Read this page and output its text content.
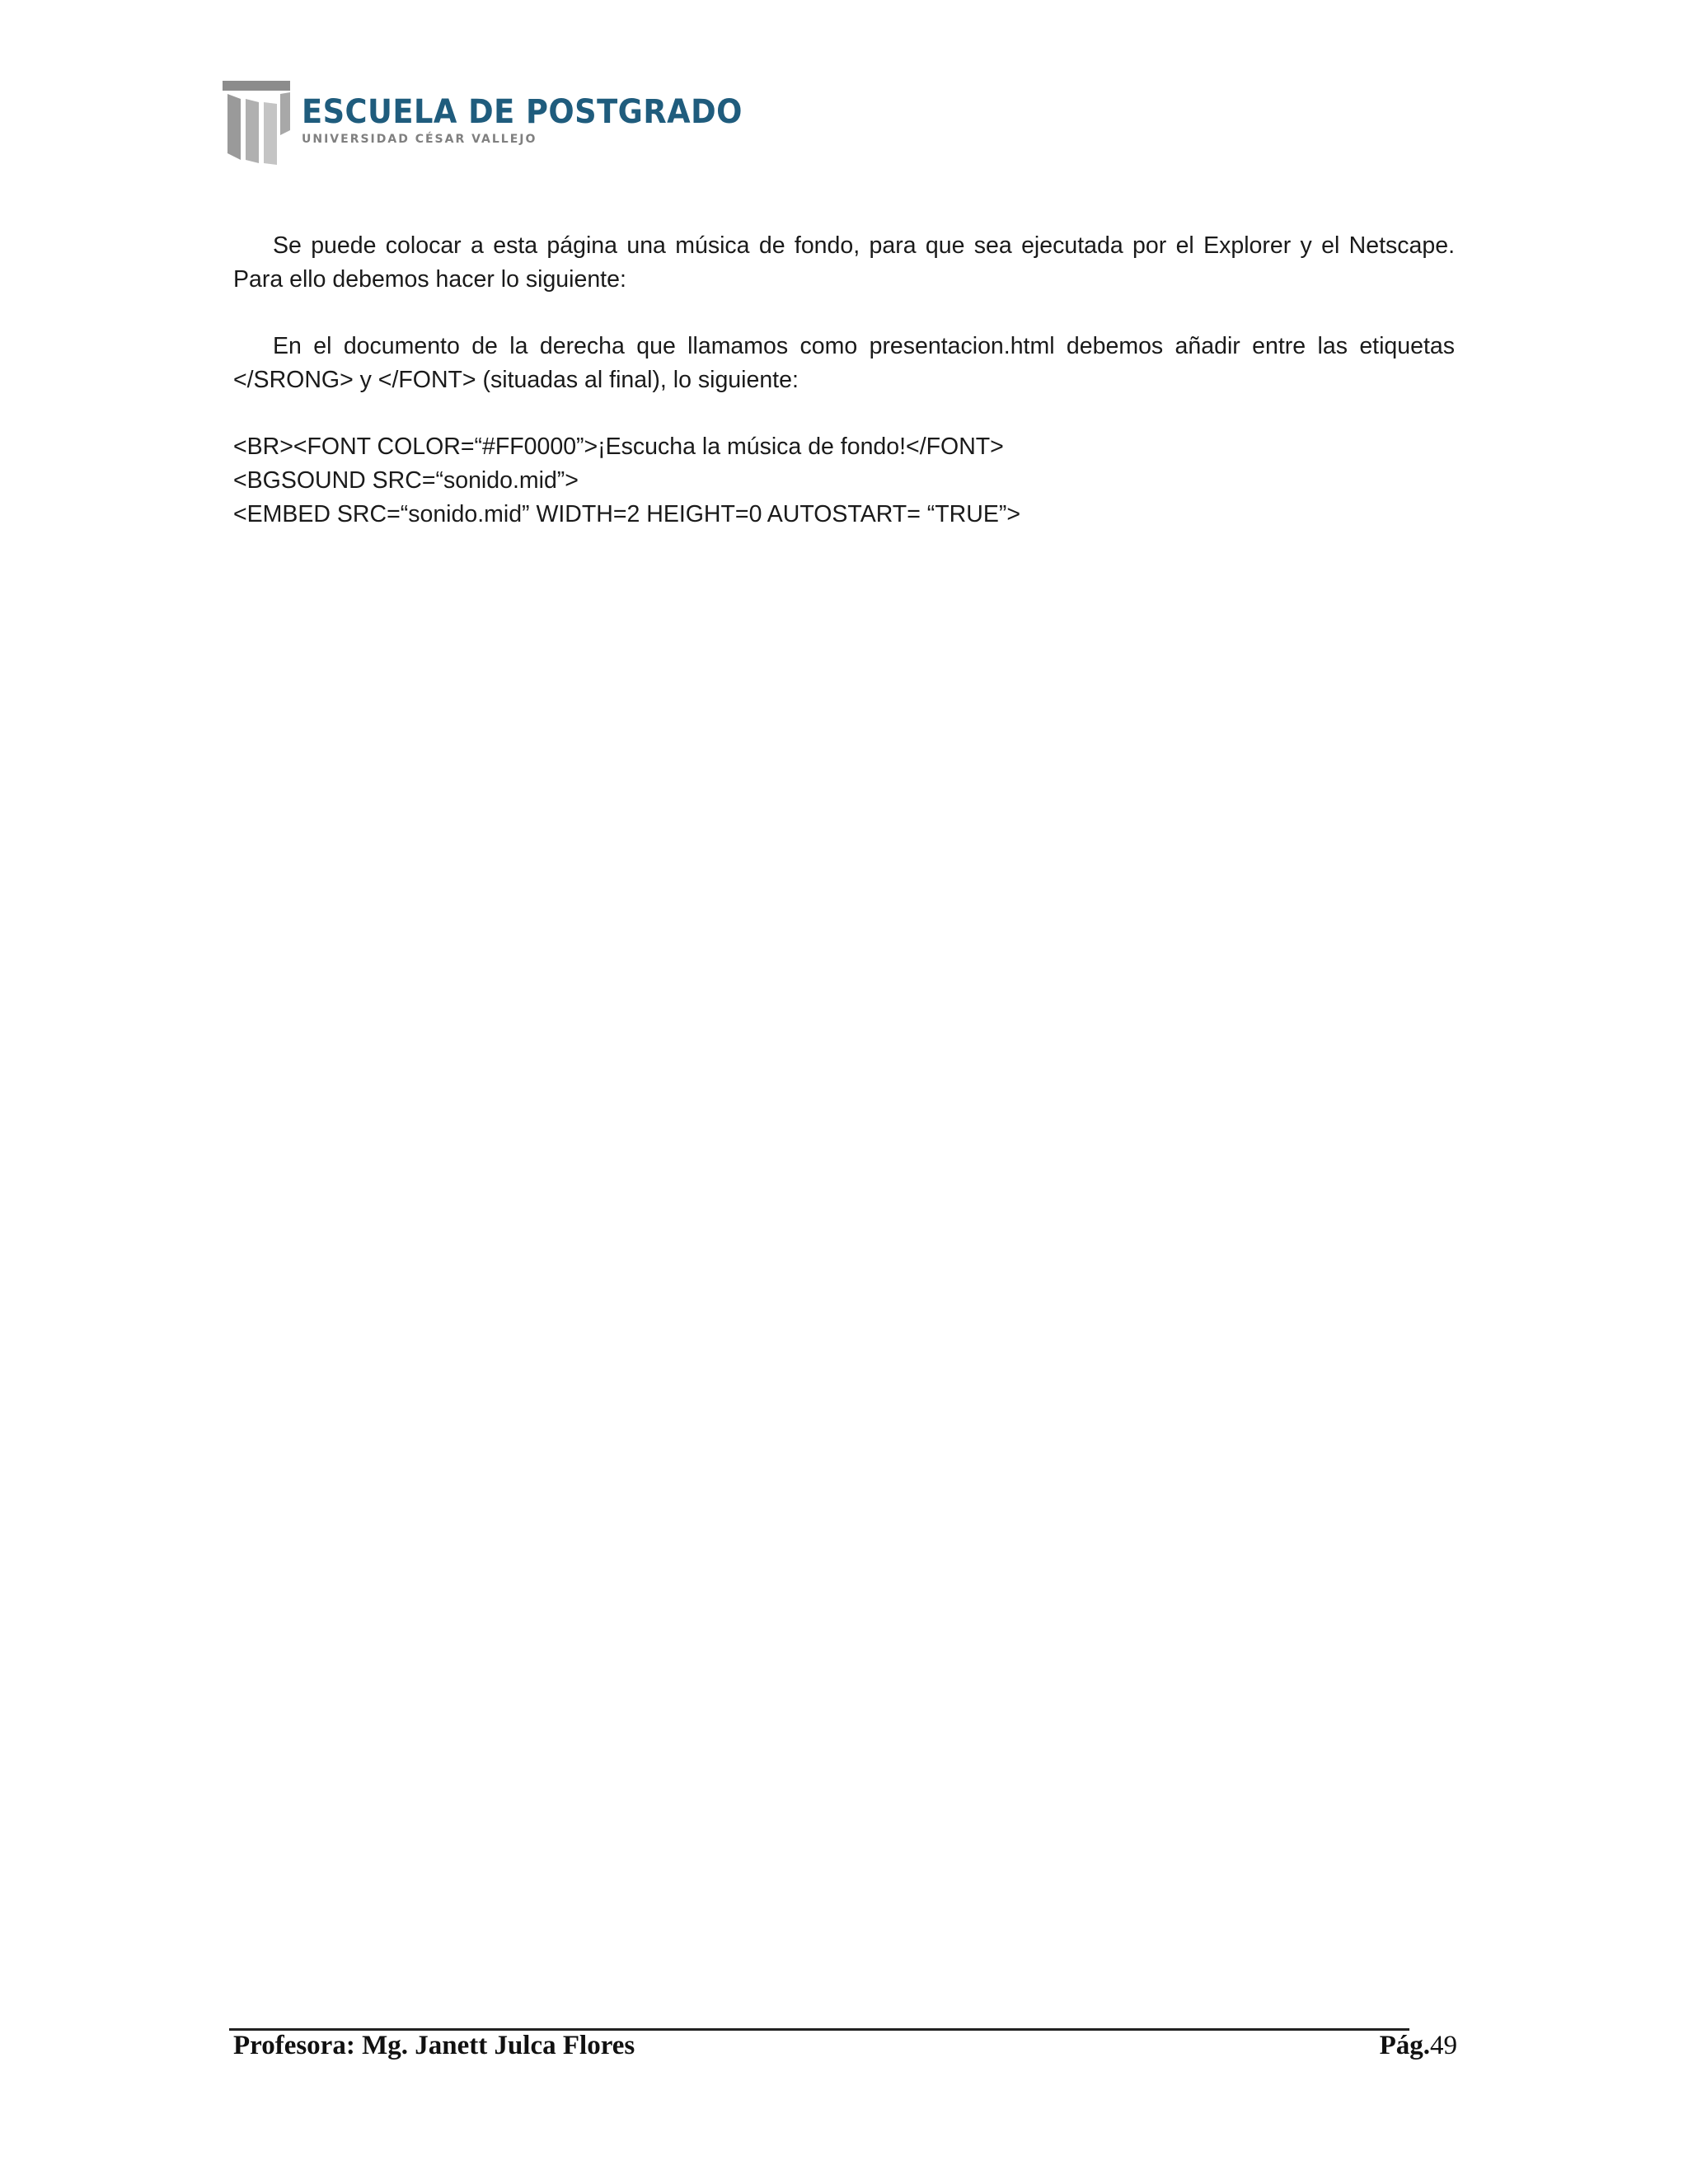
ESCUELA DE POSTGRADO
UNIVERSIDAD CÉSAR VALLEJO

Se puede colocar a esta página una música de fondo, para que sea ejecutada por el Explorer y el Netscape. Para ello debemos hacer lo siguiente:

En el documento de la derecha que llamamos como presentacion.html debemos añadir entre las etiquetas </SRONG> y </FONT> (situadas al final), lo siguiente:

<BR><FONT COLOR=“#FF0000”>¡Escucha la música de fondo!</FONT>

<BGSOUND SRC=“sonido.mid”>

<EMBED SRC=“sonido.mid” WIDTH=2 HEIGHT=0 AUTOSTART= “TRUE”>

Profesora: Mg. Janett Julca Flores	Pág.49
